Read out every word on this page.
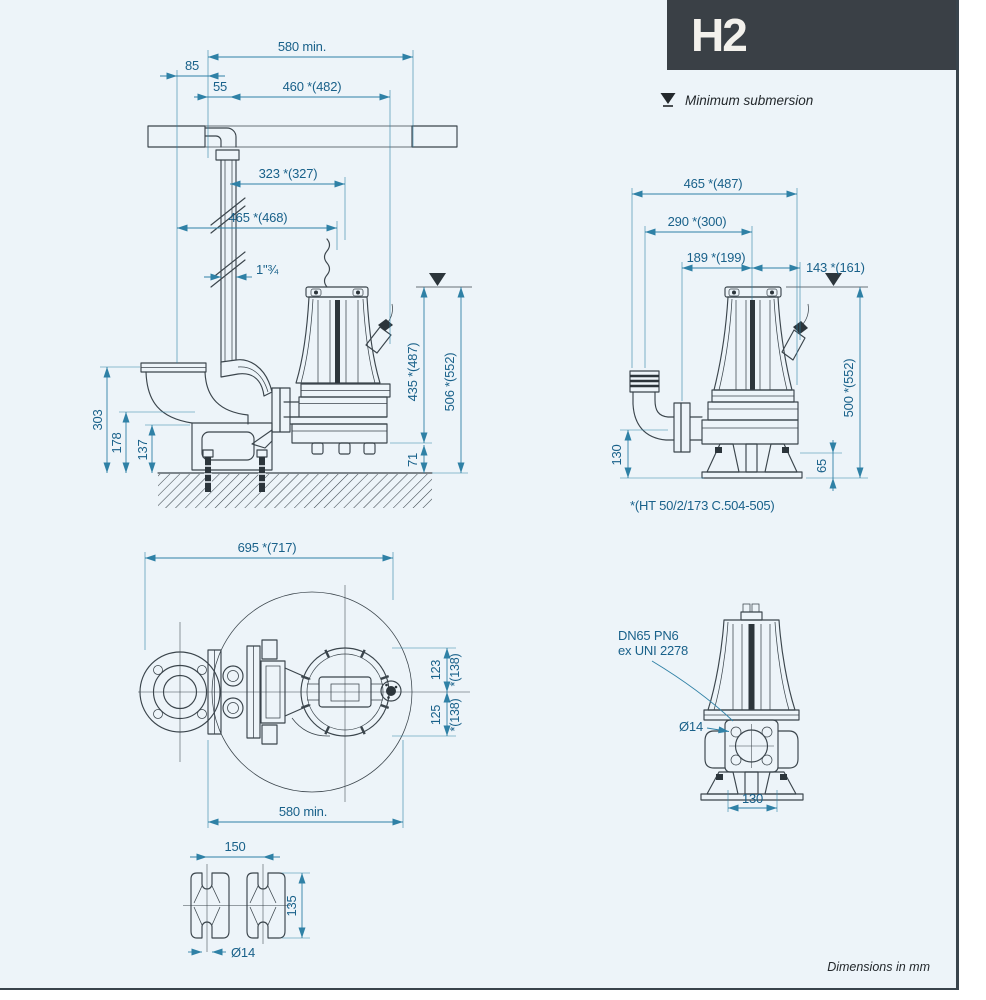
580 min.
85
55	460 *(482)
323 *(327)
465 *(468)
1"¾
303
178 137
435 *(487)
71
506 *(552)
465 *(487)
290 *(300)
189 *(199)
143 *(161)
500 *(552)
65
130
*(HT 50/2/173 C.504-505)
695 *(717)
123 *(138)
125 *(138)
580 min.
DN65 PN6
ex UNI 2278
Ø14
130
150
135
Ø14
H2
Minimum submersion
Dimensions in mm
